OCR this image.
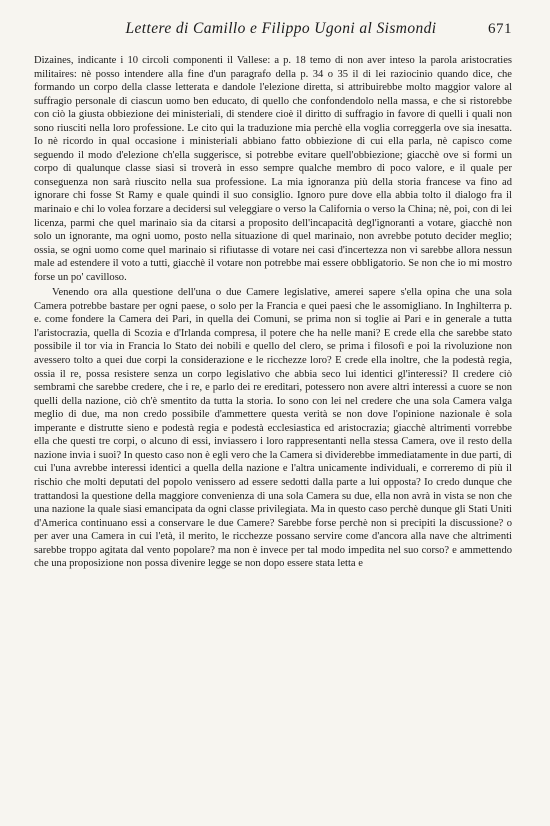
Lettere di Camillo e Filippo Ugoni al Sismondi	671

Dizaines, indicante i 10 circoli componenti il Vallese: a p. 18 temo di non aver inteso la parola aristocraties militaires: nè posso intendere alla fine d'un paragrafo della p. 34 o 35 il di lei raziocinio quando dice, che formando un corpo della classe letterata e dandole l'elezione diretta, si attribuirebbe molto maggior valore al suffragio personale di ciascun uomo ben educato, di quello che confondendolo nella massa, e che si ristorebbe con ciò la giusta obbiezione dei ministeriali, di stendere cioè il diritto di suffragio in favore di quelli i quali non sono riusciti nella loro professione. Le cito qui la traduzione mia perchè ella voglia correggerla ove sia inesatta. Io nè ricordo in qual occasione i ministeriali abbiano fatto obbiezione di cui ella parla, nè capisco come seguendo il modo d'elezione ch'ella suggerisce, si potrebbe evitare quell'obbiezione; giacchè ove si formi un corpo di qualunque classe siasi si troverà in esso sempre qualche membro di poco valore, e il quale per conseguenza non sarà riuscito nella sua professione. La mia ignoranza più della storia francese va fino ad ignorare chi fosse St Ramy e quale quindi il suo consiglio. Ignoro pure dove ella abbia tolto il dialogo fra il marinaio e chi lo volea forzare a decidersi sul veleggiare o verso la California o verso la China; nè, poi, con di lei licenza, parmi che quel marinaio sia da citarsi a proposito dell'incapacità degl'ignoranti a votare, giacchè non solo un ignorante, ma ogni uomo, posto nella situazione di quel marinaio, non avrebbe potuto decider meglio; ossia, se ogni uomo come quel marinaio si rifiutasse di votare nei casi d'incertezza non vi sarebbe allora nessun male ad estendere il voto a tutti, giacchè il votare non potrebbe mai essere obbligatorio. Se non che io mi mostro forse un po' cavilloso.

Venendo ora alla questione dell'una o due Camere legislative, amerei sapere s'ella opina che una sola Camera potrebbe bastare per ogni paese, o solo per la Francia e quei paesi che le assomigliano. In Inghilterra p. e. come fondere la Camera dei Pari, in quella dei Comuni, se prima non si toglie ai Pari e in generale a tutta l'aristocrazia, quella di Scozia e d'Irlanda compresa, il potere che ha nelle mani? E crede ella che sarebbe stato possibile il tor via in Francia lo Stato dei nobili e quello del clero, se prima i filosofi e poi la rivoluzione non avessero tolto a quei due corpi la considerazione e le ricchezze loro? E crede ella inoltre, che la podestà regia, ossia il re, possa resistere senza un corpo legislativo che abbia seco lui identici gl'interessi? Il credere ciò sembrami che sarebbe credere, che i re, e parlo dei re ereditari, potessero non avere altri interessi a cuore se non quelli della nazione, ciò ch'è smentito da tutta la storia. Io sono con lei nel credere che una sola Camera valga meglio di due, ma non credo possibile d'ammettere questa verità se non dove l'opinione nazionale è sola imperante e distrutte sieno e podestà regia e podestà ecclesiastica ed aristocrazia; giacchè altrimenti vorrebbe ella che questi tre corpi, o alcuno di essi, inviassero i loro rappresentanti nella stessa Camera, ove il resto della nazione invia i suoi? In questo caso non è egli vero che la Camera si dividerebbe immediatamente in due parti, di cui l'una avrebbe interessi identici a quella della nazione e l'altra unicamente individuali, e correremo di più il rischio che molti deputati del popolo venissero ad essere sedotti dalla parte a lui opposta? Io credo dunque che trattandosi la questione della maggiore convenienza di una sola Camera su due, ella non avrà in vista se non che una nazione la quale siasi emancipata da ogni classe privilegiata. Ma in questo caso perchè dunque gli Stati Uniti d'America continuano essi a conservare le due Camere? Sarebbe forse perchè non si precipiti la discussione? o per aver una Camera in cui l'età, il merito, le ricchezze possano servire come d'ancora alla nave che altrimenti sarebbe troppo agitata dal vento popolare? ma non è invece per tal modo impedita nel suo corso? e ammettendo che una proposizione non possa divenire legge se non dopo essere stata letta e
